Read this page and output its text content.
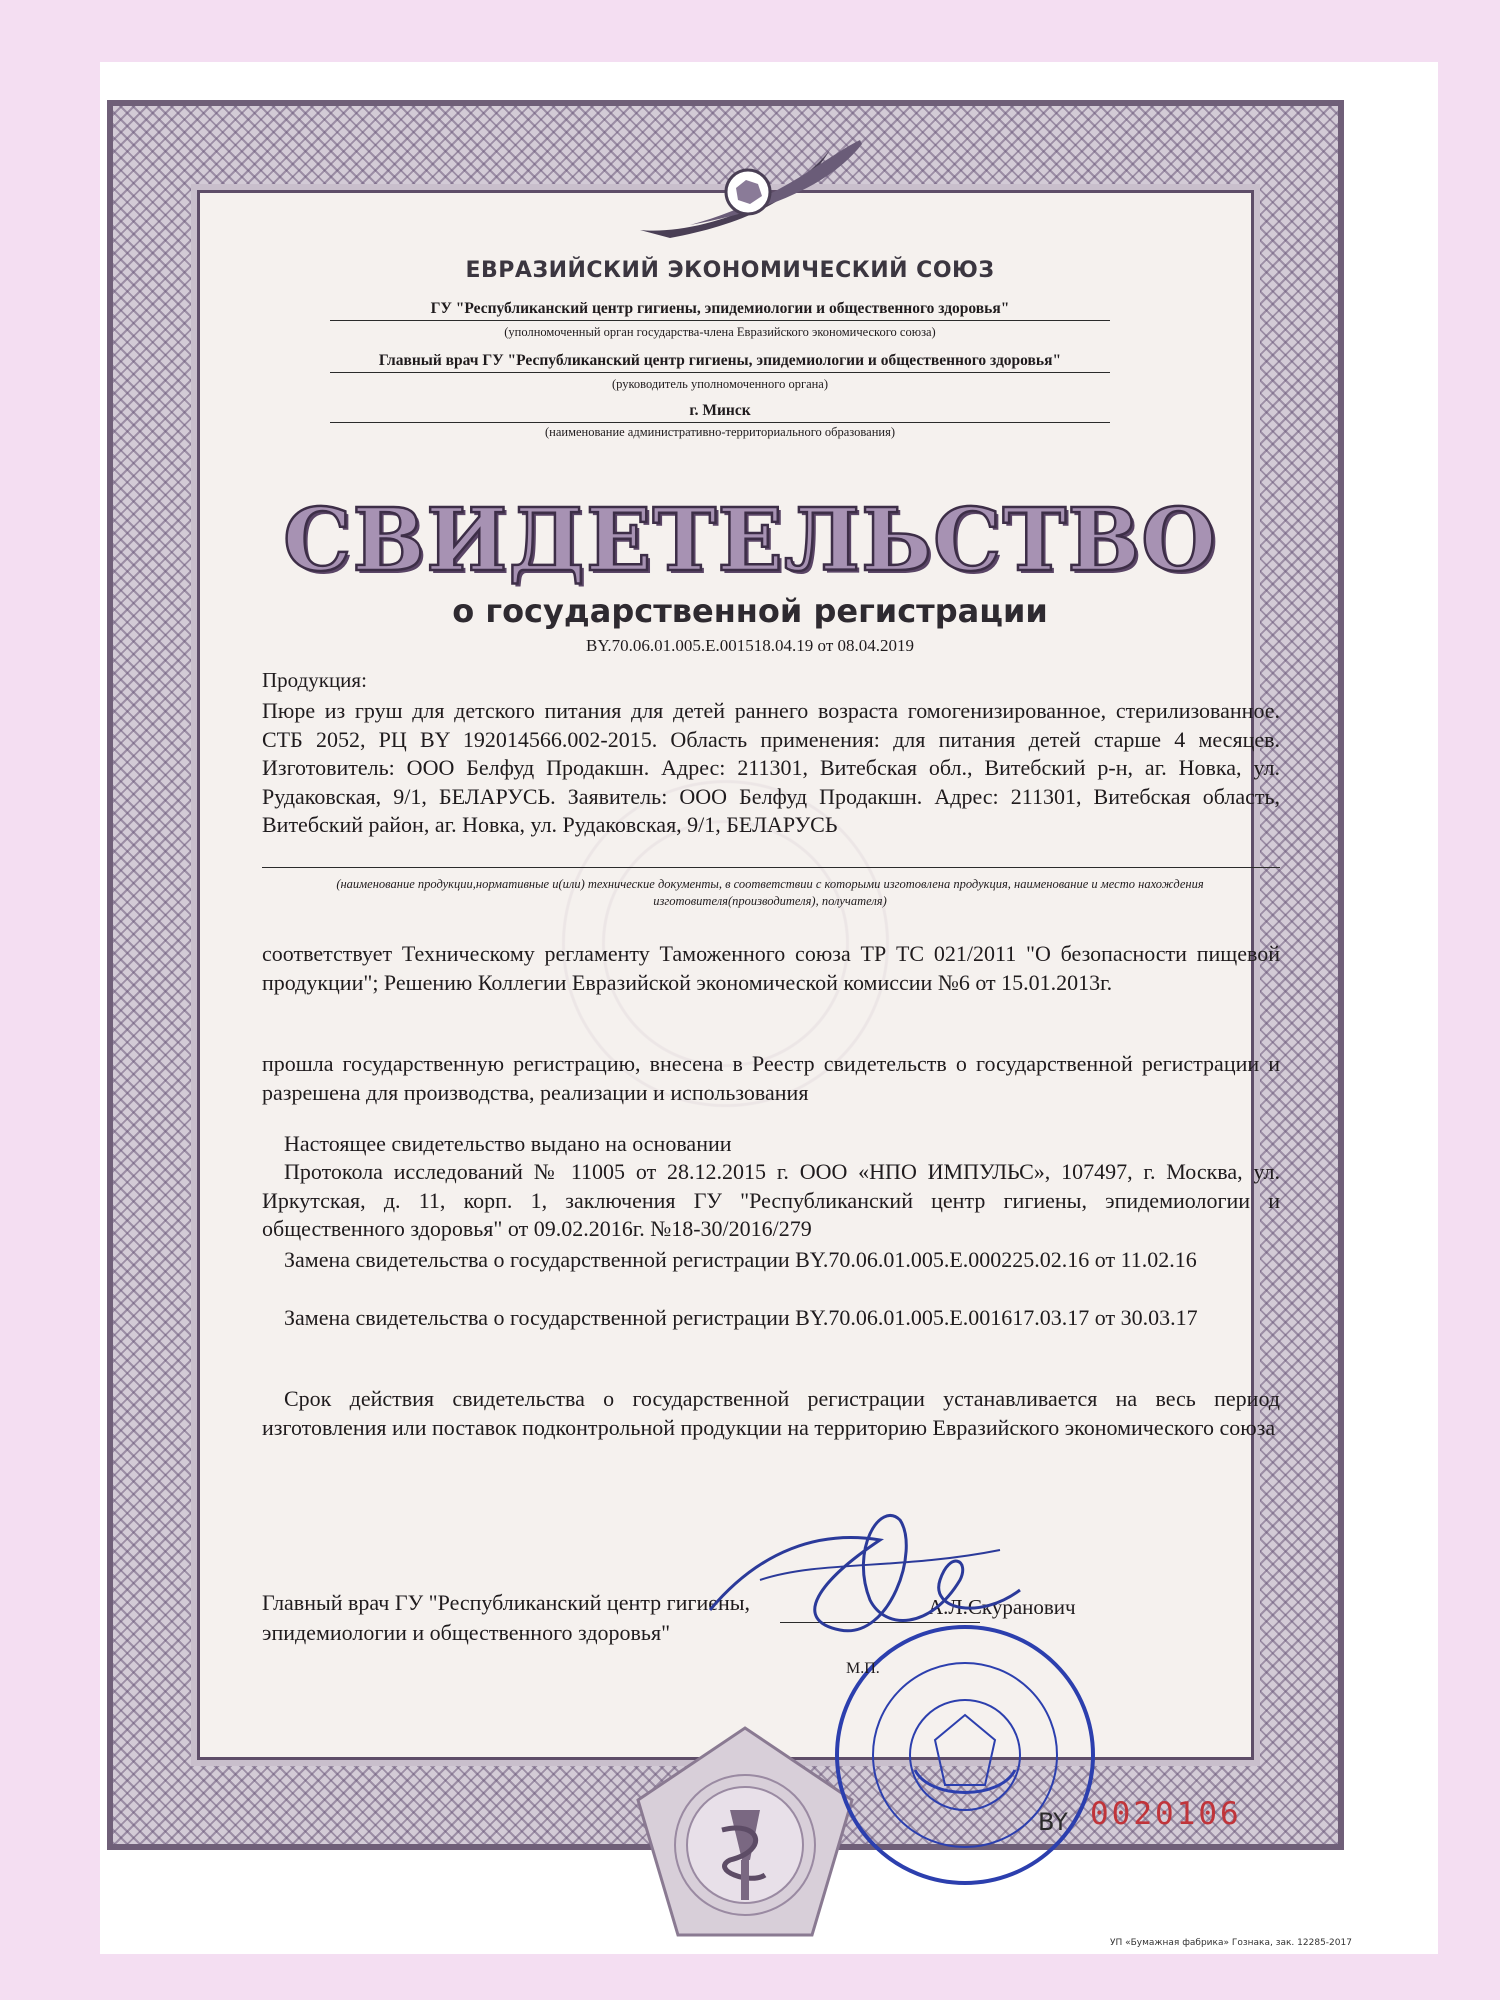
ЕВРАЗИЙСКИЙ ЭКОНОМИЧЕСКИЙ СОЮЗ
ГУ "Республиканский центр гигиены, эпидемиологии и общественного здоровья"
(уполномоченный орган государства-члена Евразийского экономического союза)
Главный врач ГУ "Республиканский центр гигиены, эпидемиологии и общественного здоровья"
(руководитель уполномоченного органа)
г. Минск
(наименование административно-территориального образования)
СВИДЕТЕЛЬСТВО
о государственной регистрации
BY.70.06.01.005.E.001518.04.19 от 08.04.2019
Продукция:
Пюре из груш для детского питания для детей раннего возраста гомогенизированное, стерилизованное. СТБ 2052, РЦ BY 192014566.002-2015. Область применения: для питания детей старше 4 месяцев. Изготовитель: ООО Белфуд Продакшн. Адрес: 211301, Витебская обл., Витебский р-н, аг. Новка, ул. Рудаковская, 9/1, БЕЛАРУСЬ. Заявитель: ООО Белфуд Продакшн. Адрес: 211301, Витебская область, Витебский район, аг. Новка, ул. Рудаковская, 9/1, БЕЛАРУСЬ
(наименование продукции,нормативные и(или) технические документы, в соответствии с которыми изготовлена продукция, наименование и место нахождения изготовителя(производителя), получателя)
соответствует Техническому регламенту Таможенного союза ТР ТС 021/2011 "О безопасности пищевой продукции"; Решению Коллегии Евразийской экономической комиссии №6 от 15.01.2013г.
прошла государственную регистрацию, внесена в Реестр свидетельств о государственной регистрации и разрешена для производства, реализации и использования
Настоящее свидетельство выдано на основании
Протокола исследований № 11005 от 28.12.2015 г. ООО «НПО ИМПУЛЬС», 107497, г. Москва, ул. Иркутская, д. 11, корп. 1, заключения ГУ "Республиканский центр гигиены, эпидемиологии и общественного здоровья" от 09.02.2016г. №18-30/2016/279
Замена свидетельства о государственной регистрации BY.70.06.01.005.E.000225.02.16 от 11.02.16
Замена свидетельства о государственной регистрации BY.70.06.01.005.E.001617.03.17 от 30.03.17
Срок действия свидетельства о государственной регистрации устанавливается на весь период изготовления или поставок подконтрольной продукции на территорию Евразийского экономического союза
Главный врач ГУ "Республиканский центр гигиены, эпидемиологии и общественного здоровья"
А.Л.Скуранович
М.П.
BY 0020106
УП «Бумажная фабрика» Гознака, зак. 12285-2017
